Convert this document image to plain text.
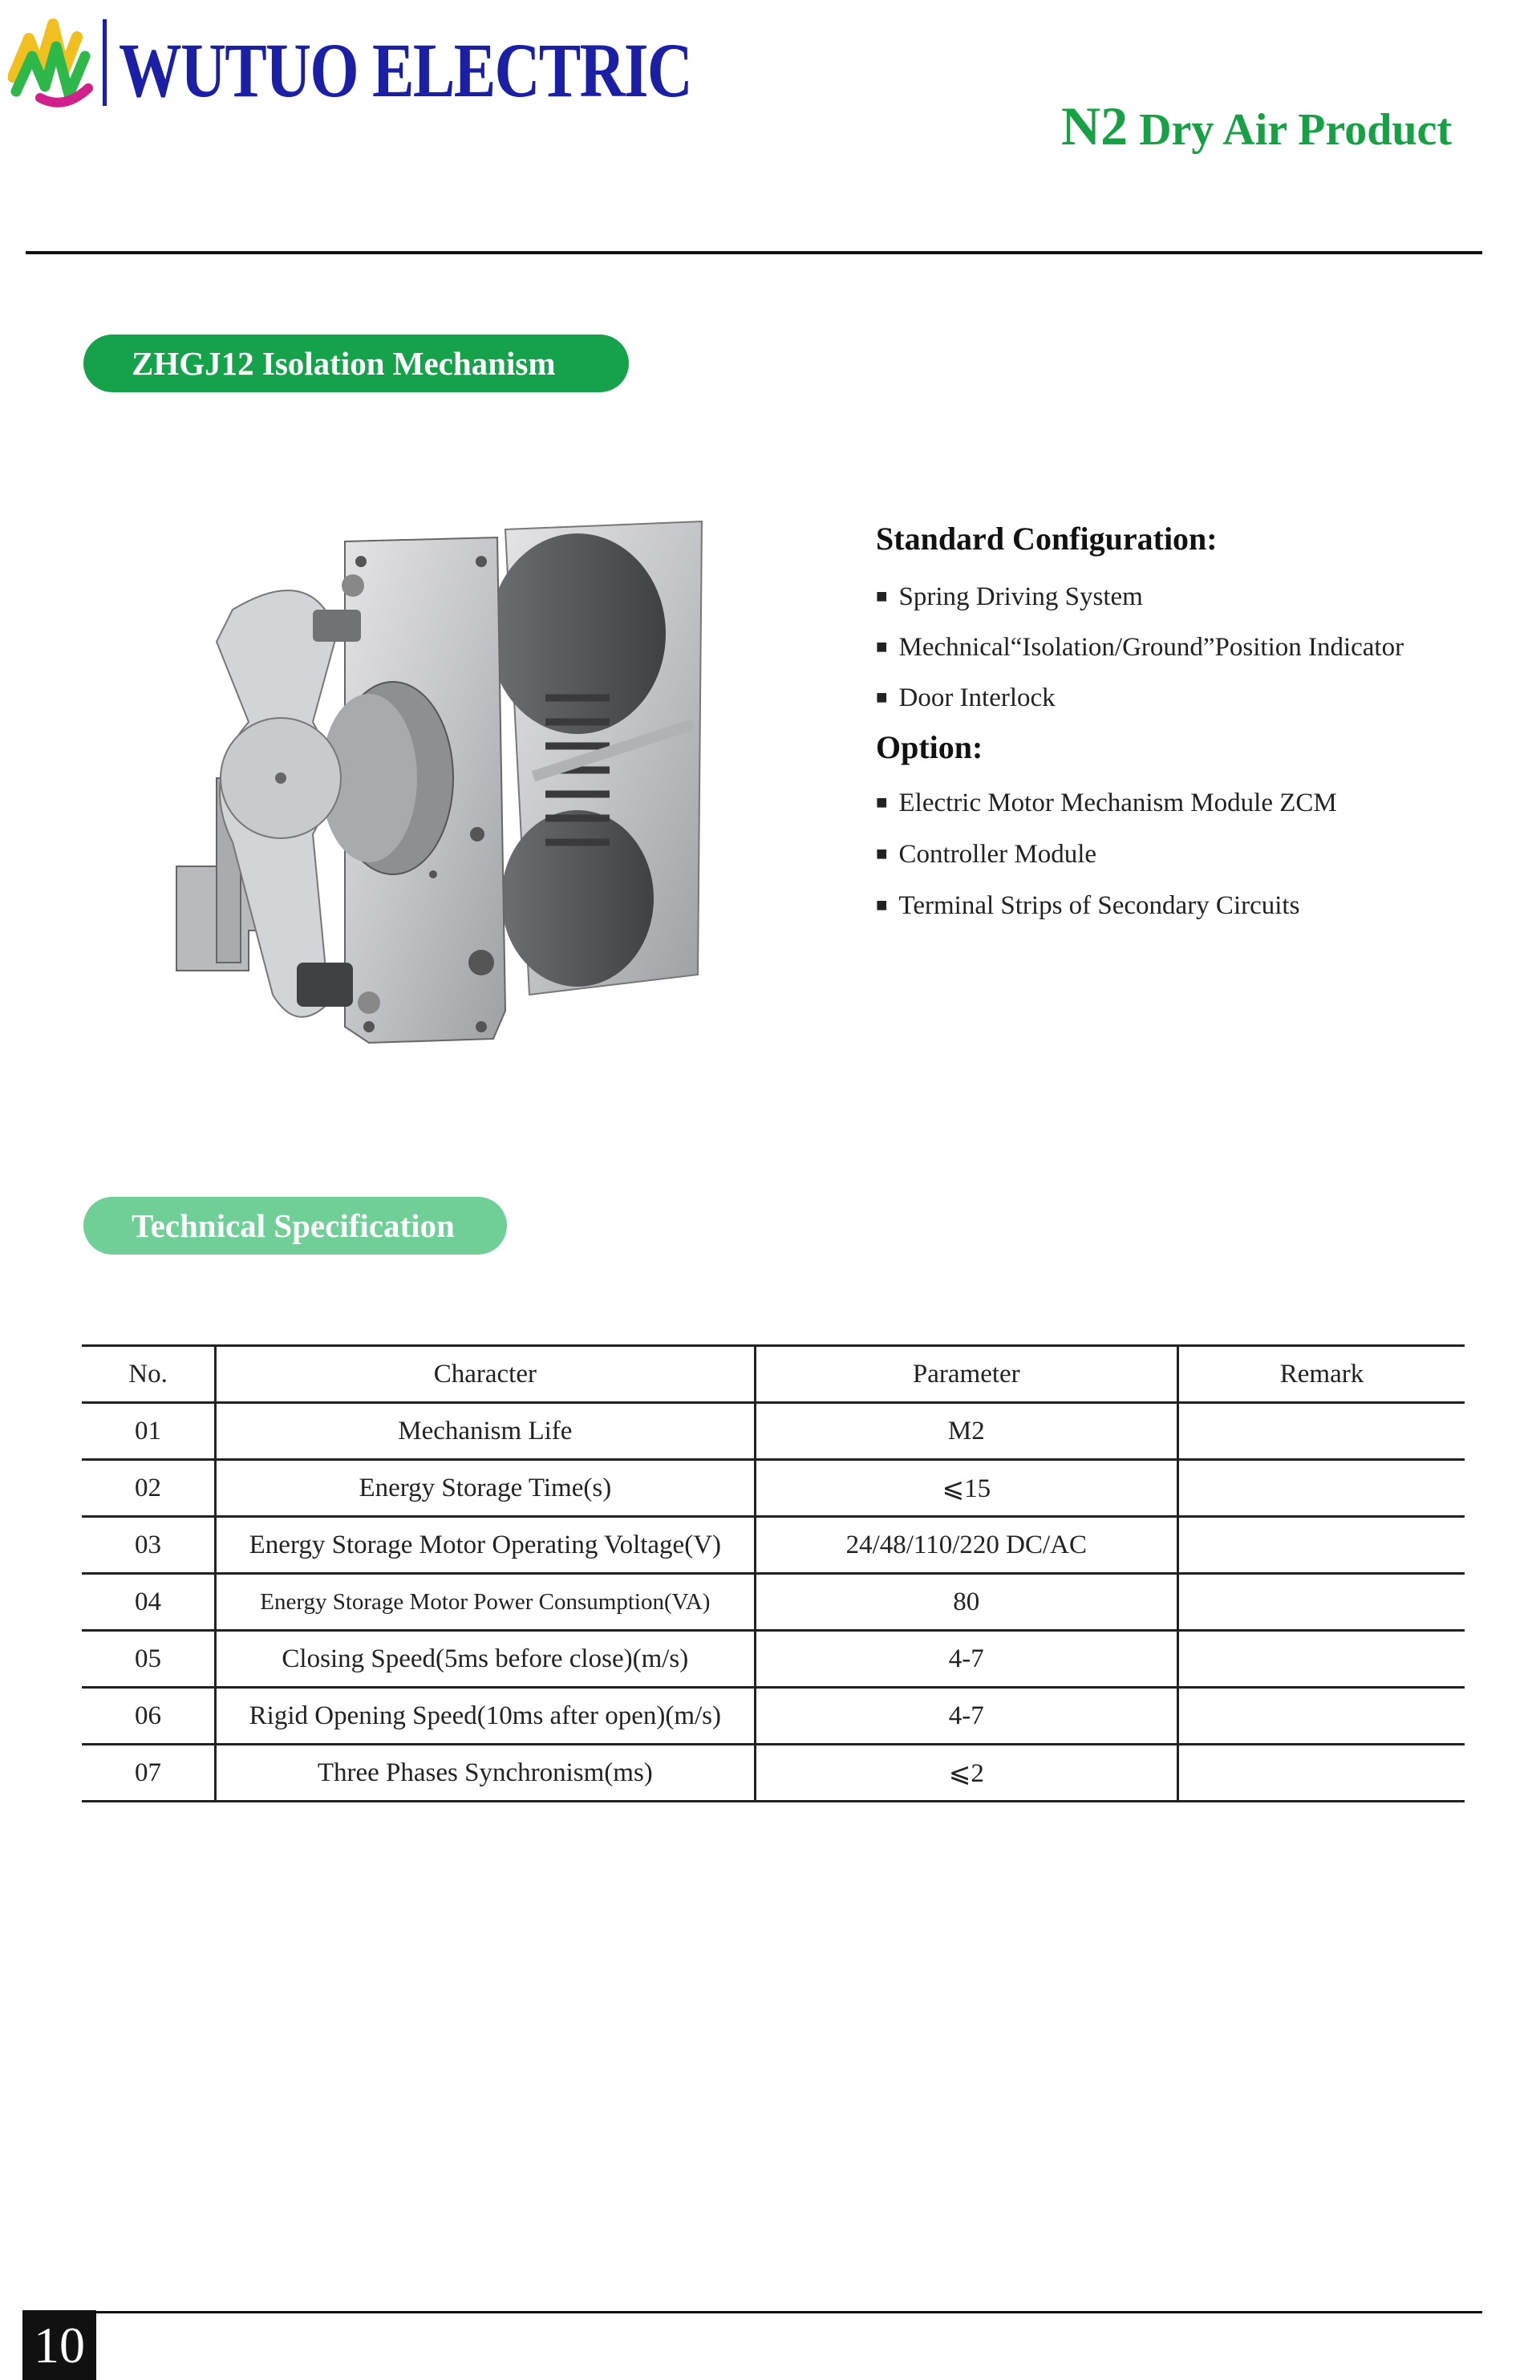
WUTUO ELECTRIC
N2 Dry Air Product
ZHGJ12 Isolation Mechanism
Standard Configuration:
■ Spring Driving System
■ Mechnical“Isolation/Ground”Position Indicator
■ Door Interlock
Option:
■ Electric Motor Mechanism Module ZCM
■ Controller Module
■ Terminal Strips of Secondary Circuits
Technical Specification
No.	Character	Parameter	Remark
01	Mechanism Life	M2	
02	Energy Storage Time(s)	⩽15	
03	Energy Storage Motor Operating Voltage(V)	24/48/110/220 DC/AC	
04	Energy Storage Motor Power Consumption(VA)	80	
05	Closing Speed(5ms before close)(m/s)	4-7	
06	Rigid Opening Speed(10ms after open)(m/s)	4-7	
07	Three Phases Synchronism(ms)	⩽2	
10
